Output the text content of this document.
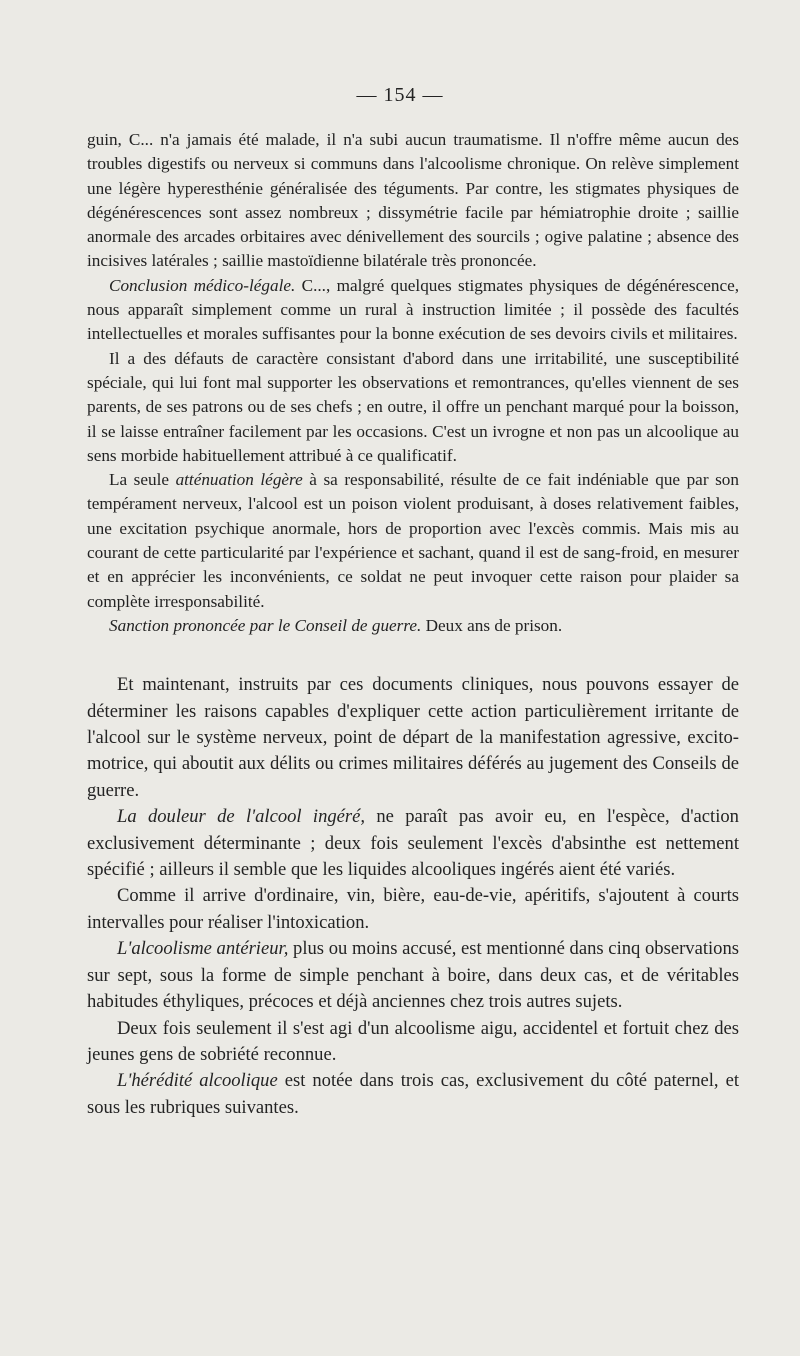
— 154 —

guin, C... n'a jamais été malade, il n'a subi aucun traumatisme. Il n'offre même aucun des troubles digestifs ou nerveux si communs dans l'alcoolisme chronique. On relève simplement une légère hyperesthénie généralisée des téguments. Par contre, les stigmates physiques de dégénérescences sont assez nombreux ; dissymétrie facile par hémiatrophie droite ; saillie anormale des arcades orbitaires avec dénivellement des sourcils ; ogive palatine ; absence des incisives latérales ; saillie mastoïdienne bilatérale très prononcée.

Conclusion médico-légale. C..., malgré quelques stigmates physiques de dégénérescence, nous apparaît simplement comme un rural à instruction limitée ; il possède des facultés intellectuelles et morales suffisantes pour la bonne exécution de ses devoirs civils et militaires.

Il a des défauts de caractère consistant d'abord dans une irritabilité, une susceptibilité spéciale, qui lui font mal supporter les observations et remontrances, qu'elles viennent de ses parents, de ses patrons ou de ses chefs ; en outre, il offre un penchant marqué pour la boisson, il se laisse entraîner facilement par les occasions. C'est un ivrogne et non pas un alcoolique au sens morbide habituellement attribué à ce qualificatif.

La seule atténuation légère à sa responsabilité, résulte de ce fait indéniable que par son tempérament nerveux, l'alcool est un poison violent produisant, à doses relativement faibles, une excitation psychique anormale, hors de proportion avec l'excès commis. Mais mis au courant de cette particularité par l'expérience et sachant, quand il est de sang-froid, en mesurer et en apprécier les inconvénients, ce soldat ne peut invoquer cette raison pour plaider sa complète irresponsabilité.

Sanction prononcée par le Conseil de guerre. Deux ans de prison.

Et maintenant, instruits par ces documents cliniques, nous pouvons essayer de déterminer les raisons capables d'expliquer cette action particulièrement irritante de l'alcool sur le système nerveux, point de départ de la manifestation agressive, excito-motrice, qui aboutit aux délits ou crimes militaires déférés au jugement des Conseils de guerre.

La douleur de l'alcool ingéré, ne paraît pas avoir eu, en l'espèce, d'action exclusivement déterminante ; deux fois seulement l'excès d'absinthe est nettement spécifié ; ailleurs il semble que les liquides alcooliques ingérés aient été variés.

Comme il arrive d'ordinaire, vin, bière, eau-de-vie, apéritifs, s'ajoutent à courts intervalles pour réaliser l'intoxication.

L'alcoolisme antérieur, plus ou moins accusé, est mentionné dans cinq observations sur sept, sous la forme de simple penchant à boire, dans deux cas, et de véritables habitudes éthyliques, précoces et déjà anciennes chez trois autres sujets.

Deux fois seulement il s'est agi d'un alcoolisme aigu, accidentel et fortuit chez des jeunes gens de sobriété reconnue.

L'hérédité alcoolique est notée dans trois cas, exclusivement du côté paternel, et sous les rubriques suivantes.
